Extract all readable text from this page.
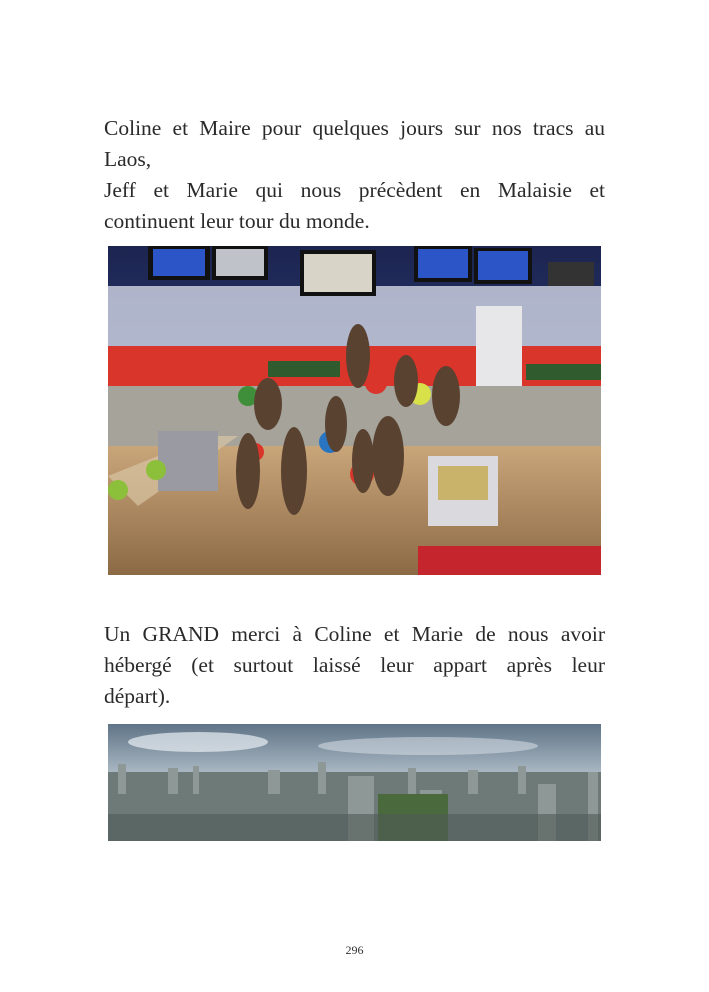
Coline et Maire pour quelques jours sur nos tracs au
Laos,
Jeff et Marie qui nous précèdent en Malaisie et
continuent leur tour du monde.
Un GRAND merci à Coline et Marie de nous avoir
hébergé (et surtout laissé leur appart après leur
départ).
296
